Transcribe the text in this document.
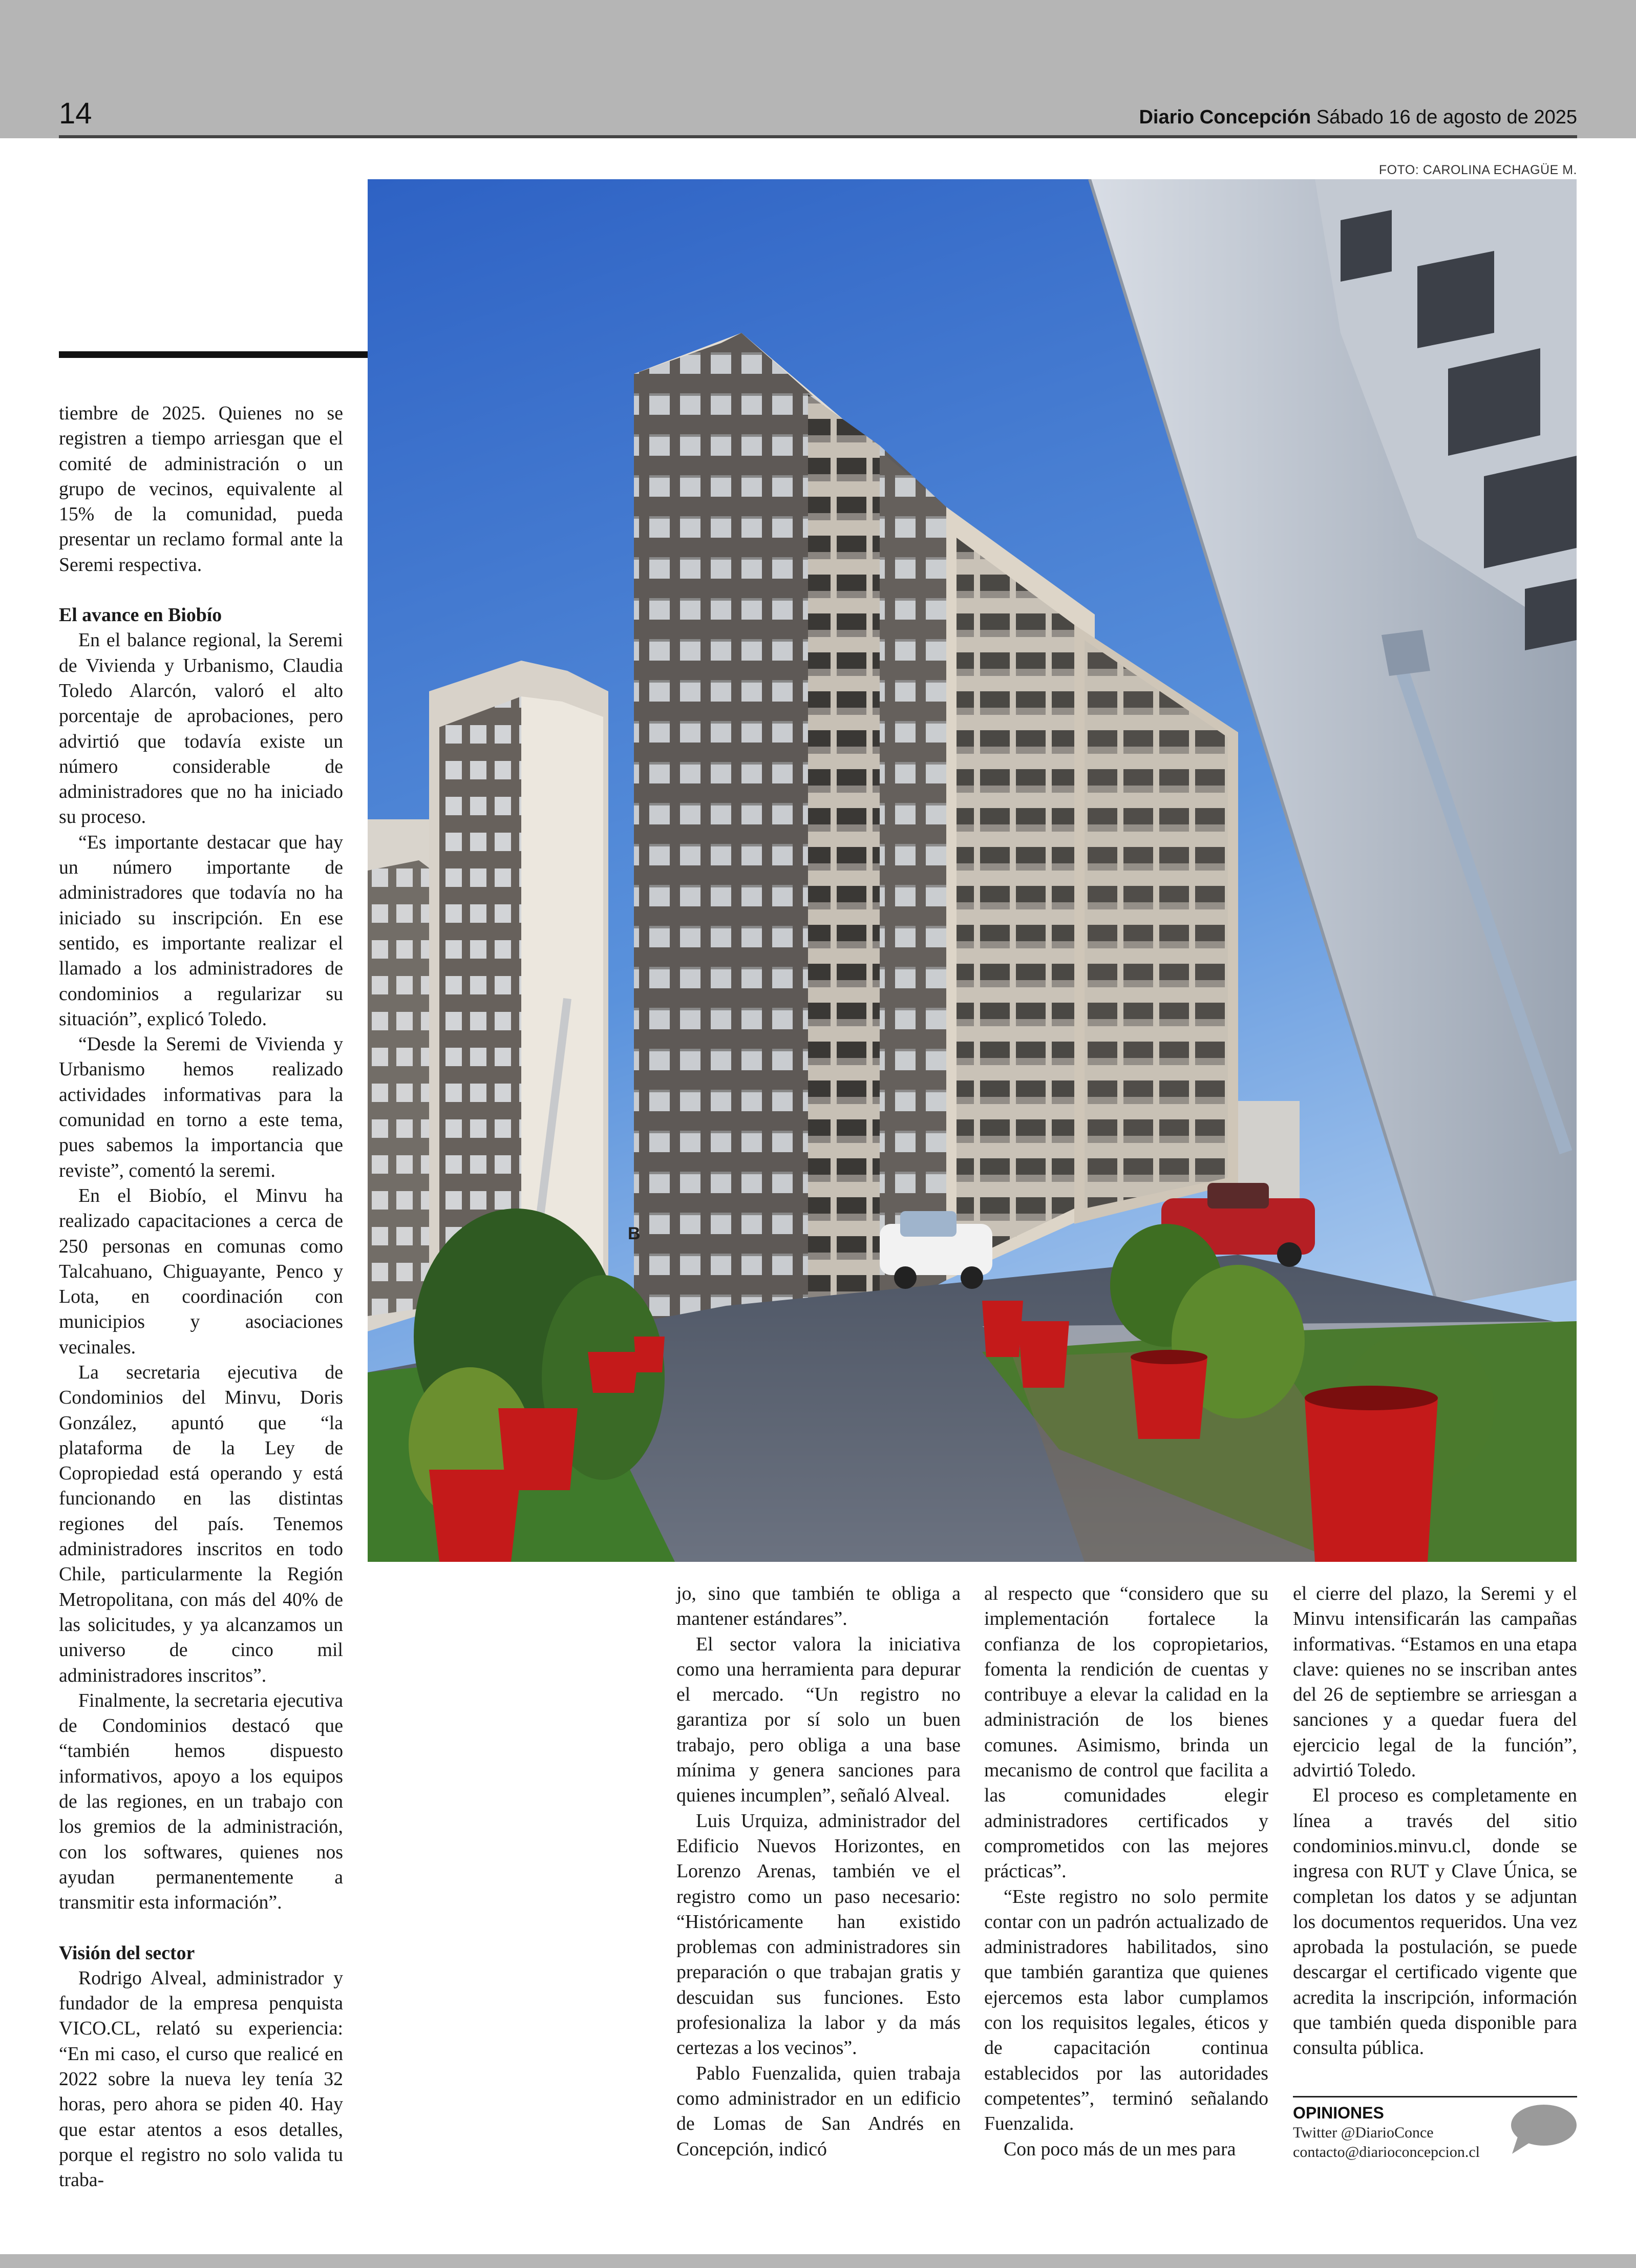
14	Diario Concepción Sábado 16 de agosto de 2025
FOTO: CAROLINA ECHAGÜE M.
B

tiembre de 2025. Quienes no se registren a tiempo arriesgan que el comité de administración o un grupo de vecinos, equivalente al 15% de la comunidad, pueda presentar un reclamo formal ante la Seremi respectiva.

El avance en Biobío

En el balance regional, la Seremi de Vivienda y Urbanismo, Claudia Toledo Alarcón, valoró el alto porcentaje de aprobaciones, pero advirtió que todavía existe un número considerable de administradores que no ha iniciado su proceso.

“Es importante destacar que hay un número importante de administradores que todavía no ha iniciado su inscripción. En ese sentido, es importante realizar el llamado a los administradores de condominios a regularizar su situación”, explicó Toledo.

“Desde la Seremi de Vivienda y Urbanismo hemos realizado actividades informativas para la comunidad en torno a este tema, pues sabemos la importancia que reviste”, comentó la seremi.

En el Biobío, el Minvu ha realizado capacitaciones a cerca de 250 personas en comunas como Talcahuano, Chiguayante, Penco y Lota, en coordinación con municipios y asociaciones vecinales.

La secretaria ejecutiva de Condominios del Minvu, Doris González, apuntó que “la plataforma de la Ley de Copropiedad está operando y está funcionando en las distintas regiones del país. Tenemos administradores inscritos en todo Chile, particularmente la Región Metropolitana, con más del 40% de las solicitudes, y ya alcanzamos un universo de cinco mil administradores inscritos”.

Finalmente, la secretaria ejecutiva de Condominios destacó que “también hemos dispuesto informativos, apoyo a los equipos de las regiones, en un trabajo con los gremios de la administración, con los softwares, quienes nos ayudan permanentemente a transmitir esta información”.

Visión del sector

Rodrigo Alveal, administrador y fundador de la empresa penquista VICO.CL, relató su experiencia: “En mi caso, el curso que realicé en 2022 sobre la nueva ley tenía 32 horas, pero ahora se piden 40. Hay que estar atentos a esos detalles, porque el registro no solo valida tu traba-

jo, sino que también te obliga a mantener estándares”.

El sector valora la iniciativa como una herramienta para depurar el mercado. “Un registro no garantiza por sí solo un buen trabajo, pero obliga a una base mínima y genera sanciones para quienes incumplen”, señaló Alveal.

Luis Urquiza, administrador del Edificio Nuevos Horizontes, en Lorenzo Arenas, también ve el registro como un paso necesario: “Históricamente han existido problemas con administradores sin preparación o que trabajan gratis y descuidan sus funciones. Esto profesionaliza la labor y da más certezas a los vecinos”.

Pablo Fuenzalida, quien trabaja como administrador en un edificio de Lomas de San Andrés en Concepción, indicó

al respecto que “considero que su implementación fortalece la confianza de los copropietarios, fomenta la rendición de cuentas y contribuye a elevar la calidad en la administración de los bienes comunes. Asimismo, brinda un mecanismo de control que facilita a las comunidades elegir administradores certificados y comprometidos con las mejores prácticas”.

“Este registro no solo permite contar con un padrón actualizado de administradores habilitados, sino que también garantiza que quienes ejercemos esta labor cumplamos con los requisitos legales, éticos y de capacitación continua establecidos por las autoridades competentes”, terminó señalando Fuenzalida.

Con poco más de un mes para

el cierre del plazo, la Seremi y el Minvu intensificarán las campañas informativas. “Estamos en una etapa clave: quienes no se inscriban antes del 26 de septiembre se arriesgan a sanciones y a quedar fuera del ejercicio legal de la función”, advirtió Toledo.

El proceso es completamente en línea a través del sitio condominios.minvu.cl, donde se ingresa con RUT y Clave Única, se completan los datos y se adjuntan los documentos requeridos. Una vez aprobada la postulación, se puede descargar el certificado vigente que acredita la inscripción, información que también queda disponible para consulta pública.

OPINIONES
Twitter @DiarioConce
contacto@diarioconcepcion.cl
